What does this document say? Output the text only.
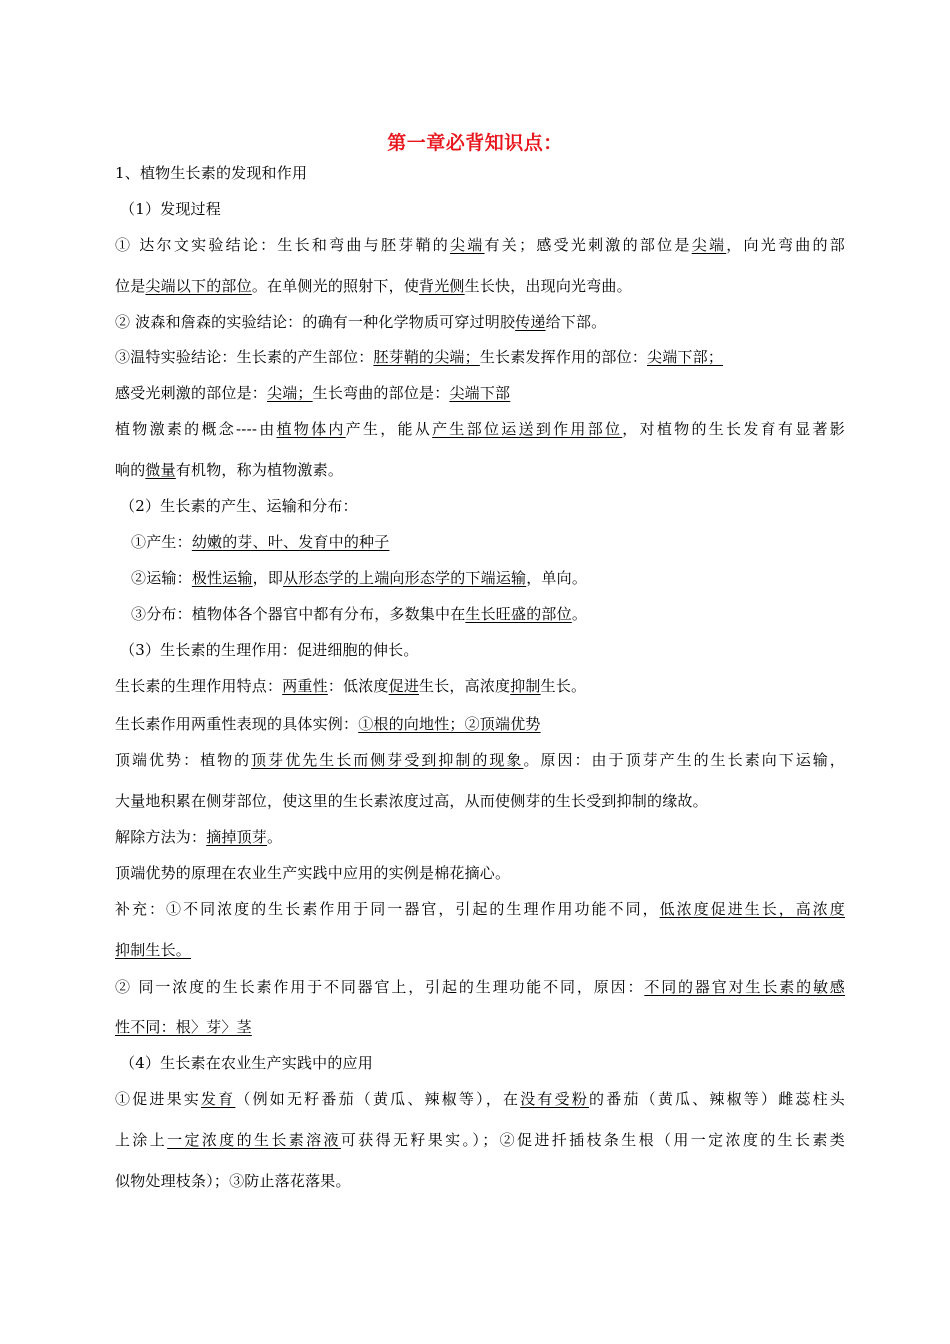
第一章必背知识点：
1、植物生长素的发现和作用
（1）发现过程
① 达尔文实验结论：生长和弯曲与胚芽鞘的尖端有关；感受光刺激的部位是尖端，向光弯曲的部
位是尖端以下的部位。在单侧光的照射下，使背光侧生长快，出现向光弯曲。
② 波森和詹森的实验结论：的确有一种化学物质可穿过明胶传递给下部。
③温特实验结论：生长素的产生部位：胚芽鞘的尖端；生长素发挥作用的部位：尖端下部；
感受光刺激的部位是：尖端；生长弯曲的部位是：尖端下部
植物激素的概念----由植物体内产生，能从产生部位运送到作用部位，对植物的生长发育有显著影
响的微量有机物，称为植物激素。
（2）生长素的产生、运输和分布：
①产生：幼嫩的芽、叶、发育中的种子
②运输：极性运输，即从形态学的上端向形态学的下端运输，单向。
③分布：植物体各个器官中都有分布，多数集中在生长旺盛的部位。
（3）生长素的生理作用：促进细胞的伸长。
生长素的生理作用特点：两重性：低浓度促进生长，高浓度抑制生长。
生长素作用两重性表现的具体实例：①根的向地性；②顶端优势
顶端优势：植物的顶芽优先生长而侧芽受到抑制的现象。原因：由于顶芽产生的生长素向下运输，
大量地积累在侧芽部位，使这里的生长素浓度过高，从而使侧芽的生长受到抑制的缘故。
解除方法为：摘掉顶芽。
顶端优势的原理在农业生产实践中应用的实例是棉花摘心。
补充：①不同浓度的生长素作用于同一器官，引起的生理作用功能不同，低浓度促进生长，高浓度
抑制生长。
② 同一浓度的生长素作用于不同器官上，引起的生理功能不同，原因：不同的器官对生长素的敏感
性不同：根〉芽〉茎
（4）生长素在农业生产实践中的应用
①促进果实发育（例如无籽番茄（黄瓜、辣椒等），在没有受粉的番茄（黄瓜、辣椒等）雌蕊柱头
上涂上一定浓度的生长素溶液可获得无籽果实。）；②促进扦插枝条生根（用一定浓度的生长素类
似物处理枝条）；③防止落花落果。
